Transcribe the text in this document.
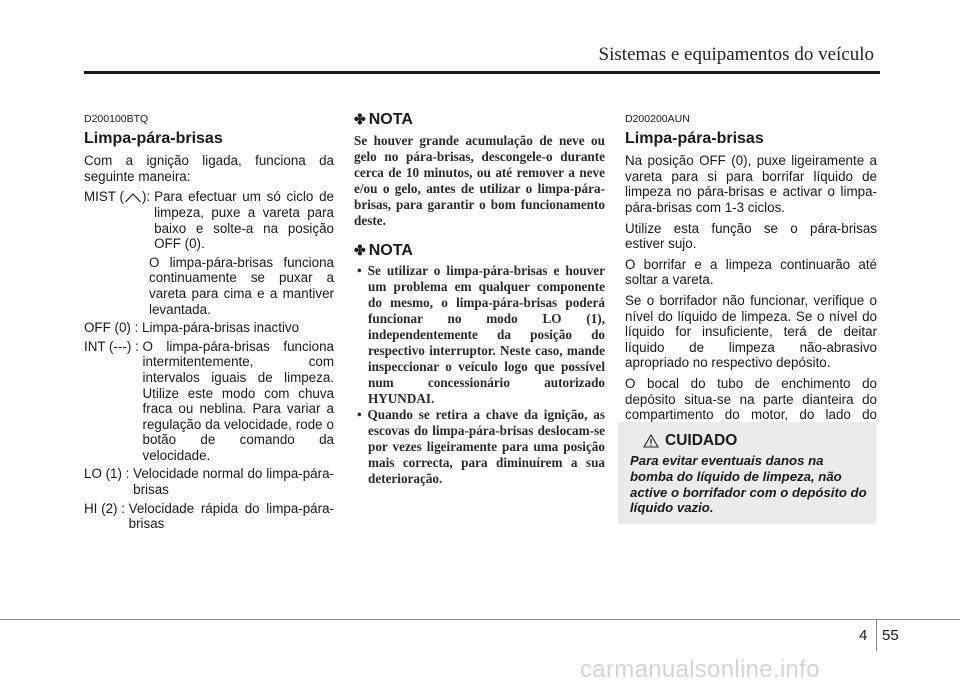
Sistemas e equipamentos do veículo
D200100BTQ
Limpa-pára-brisas

Com a ignição ligada, funciona da seguinte maneira:

MIST ( ): Para efectuar um só ciclo de limpeza, puxe a vareta para baixo e solte-a na posição OFF (0).

O limpa-pára-brisas funciona continuamente se puxar a vareta para cima e a mantiver levantada.

OFF (0) : Limpa-pára-brisas inactivo
INT (---) : O limpa-pára-brisas funciona intermitentemente, com intervalos iguais de limpeza. Utilize este modo com chuva fraca ou neblina. Para variar a regulação da velocidade, rode o botão de comando da velocidade.
LO (1) : Velocidade normal do limpa-pára-brisas
HI (2) : Velocidade rápida do limpa-pára-brisas
✤ NOTA

Se houver grande acumulação de neve ou gelo no pára-brisas, descongele-o durante cerca de 10 minutos, ou até remover a neve e/ou o gelo, antes de utilizar o limpa-pára-brisas, para garantir o bom funcionamento deste.

✤ NOTA
• Se utilizar o limpa-pára-brisas e houver um problema em qualquer componente do mesmo, o limpa-pára-brisas poderá funcionar no modo LO (1), independentemente da posição do respectivo interruptor. Neste caso, mande inspeccionar o veículo logo que possível num concessionário autorizado HYUNDAI.
• Quando se retira a chave da ignição, as escovas do limpa-pára-brisas deslocam-se por vezes ligeiramente para uma posição mais correcta, para diminuírem a sua deterioração.
D200200AUN
Limpa-pára-brisas

Na posição OFF (0), puxe ligeiramente a vareta para si para borrifar líquido de limpeza no pára-brisas e activar o limpa-pára-brisas com 1-3 ciclos.

Utilize esta função se o pára-brisas estiver sujo.

O borrifar e a limpeza continuarão até soltar a vareta.

Se o borrifador não funcionar, verifique o nível do líquido de limpeza. Se o nível do líquido for insuficiente, terá de deitar líquido de limpeza não-abrasivo apropriado no respectivo depósito.

O bocal do tubo de enchimento do depósito situa-se na parte dianteira do compartimento do motor, do lado do

CUIDADO
Para evitar eventuais danos na bomba do líquido de limpeza, não active o borrifador com o depósito do líquido vazio.
4 55
carmanualsonline.info
